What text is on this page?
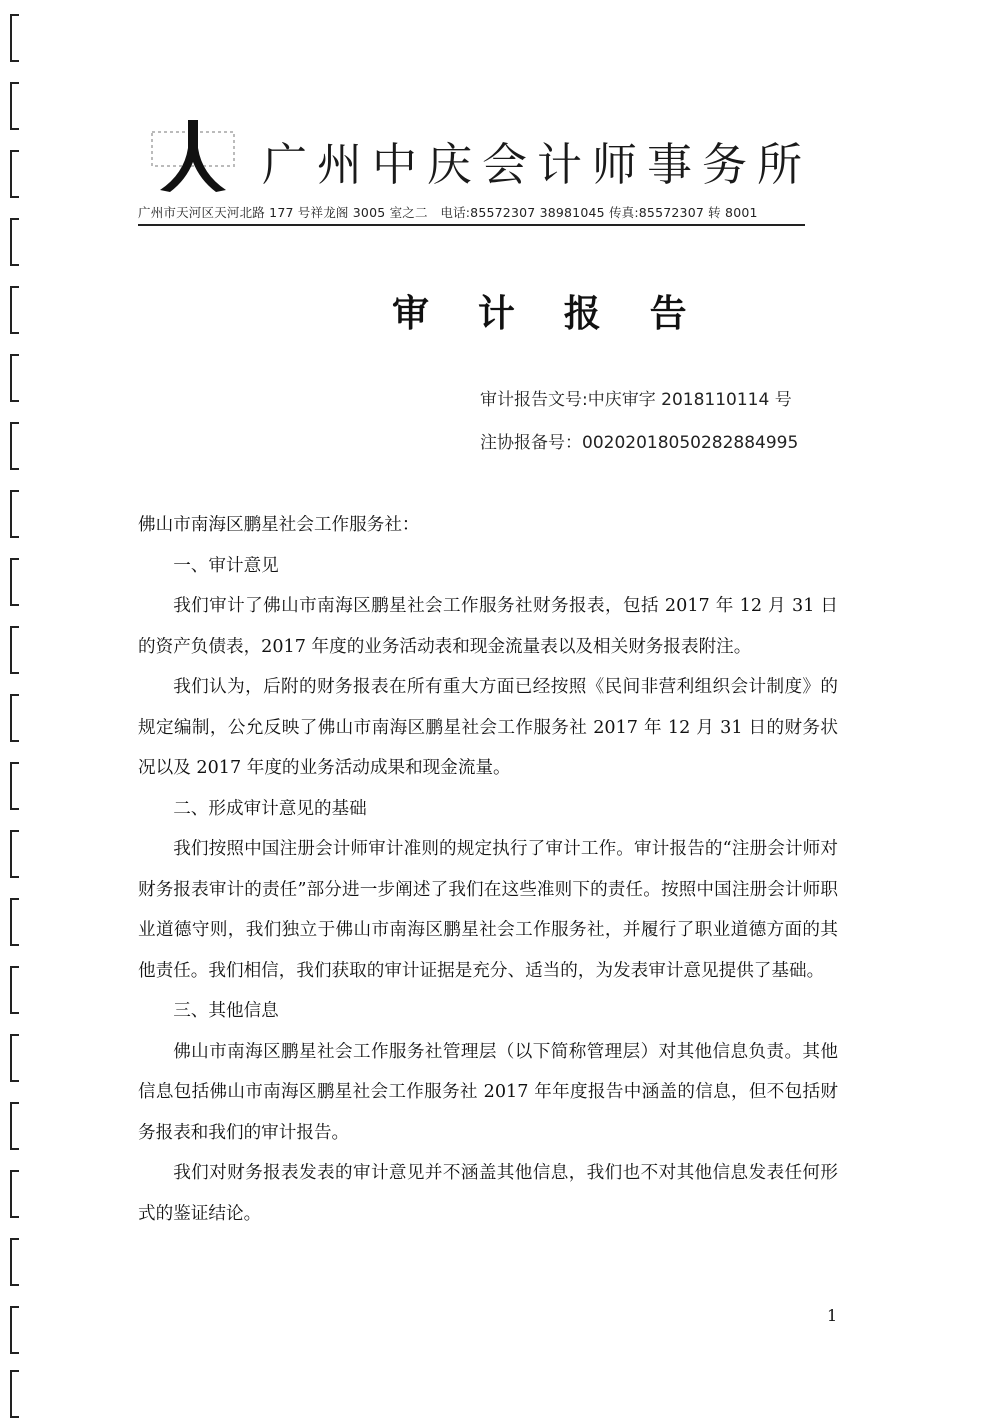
广州中庆会计师事务所
广州市天河区天河北路 177 号祥龙阁 3005 室之二　电话:85572307 38981045 传真:85572307 转 8001
审 计 报 告
审计报告文号:中庆审字 2018110114 号
注协报备号：00202018050282884995

佛山市南海区鹏星社会工作服务社：

一、审计意见

我们审计了佛山市南海区鹏星社会工作服务社财务报表，包括 2017 年 12 月 31 日的资产负债表，2017 年度的业务活动表和现金流量表以及相关财务报表附注。

我们认为，后附的财务报表在所有重大方面已经按照《民间非营利组织会计制度》的规定编制，公允反映了佛山市南海区鹏星社会工作服务社 2017 年 12 月 31 日的财务状况以及 2017 年度的业务活动成果和现金流量。

二、形成审计意见的基础

我们按照中国注册会计师审计准则的规定执行了审计工作。审计报告的“注册会计师对财务报表审计的责任”部分进一步阐述了我们在这些准则下的责任。按照中国注册会计师职业道德守则，我们独立于佛山市南海区鹏星社会工作服务社，并履行了职业道德方面的其他责任。我们相信，我们获取的审计证据是充分、适当的，为发表审计意见提供了基础。

三、其他信息

佛山市南海区鹏星社会工作服务社管理层（以下简称管理层）对其他信息负责。其他信息包括佛山市南海区鹏星社会工作服务社 2017 年年度报告中涵盖的信息，但不包括财务报表和我们的审计报告。

我们对财务报表发表的审计意见并不涵盖其他信息，我们也不对其他信息发表任何形式的鉴证结论。

1
